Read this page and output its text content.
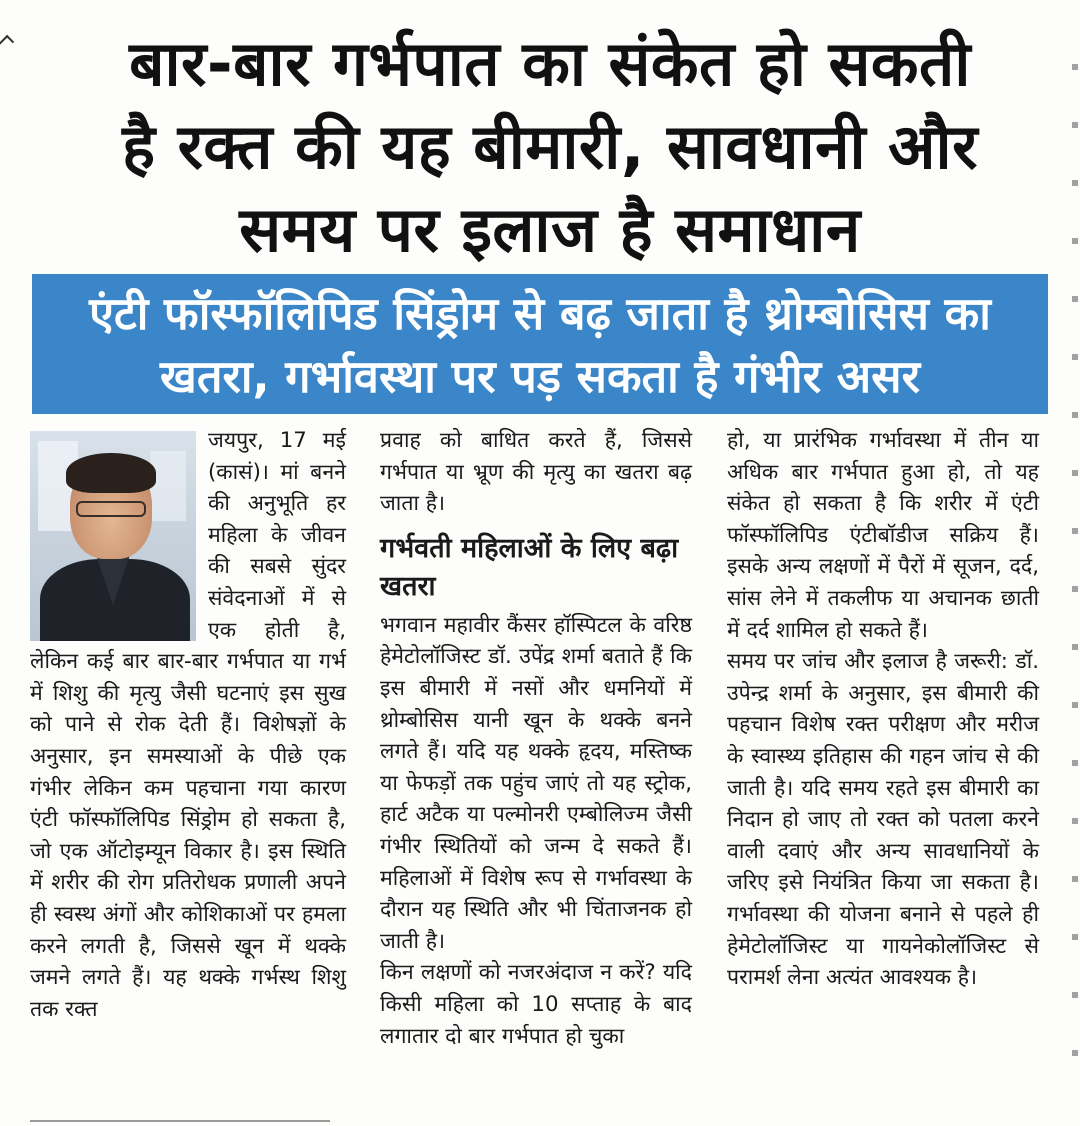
बार-बार गर्भपात का संकेत हो सकती
है रक्त की यह बीमारी, सावधानी और
समय पर इलाज है समाधान
एंटी फॉस्फॉलिपिड सिंड्रोम से बढ़ जाता है थ्रोम्बोसिस का
खतरा, गर्भावस्था पर पड़ सकता है गंभीर असर

जयपुर, 17 मई (कासं)। मां बनने की अनुभूति हर महिला के जीवन की सबसे सुंदर संवेदनाओं में से एक होती है, लेकिन कई बार बार-बार गर्भपात या गर्भ में शिशु की मृत्यु जैसी घटनाएं इस सुख को पाने से रोक देती हैं। विशेषज्ञों के अनुसार, इन समस्याओं के पीछे एक गंभीर लेकिन कम पहचाना गया कारण एंटी फॉस्फॉलिपिड सिंड्रोम हो सकता है, जो एक ऑटोइम्यून विकार है। इस स्थिति में शरीर की रोग प्रतिरोधक प्रणाली अपने ही स्वस्थ अंगों और कोशिकाओं पर हमला करने लगती है, जिससे खून में थक्के जमने लगते हैं। यह थक्के गर्भस्थ शिशु तक रक्त

प्रवाह को बाधित करते हैं, जिससे गर्भपात या भ्रूण की मृत्यु का खतरा बढ़ जाता है।

गर्भवती महिलाओं के लिए बढ़ा खतरा

भगवान महावीर कैंसर हॉस्पिटल के वरिष्ठ हेमेटोलॉजिस्ट डॉ. उपेंद्र शर्मा बताते हैं कि इस बीमारी में नसों और धमनियों में थ्रोम्बोसिस यानी खून के थक्के बनने लगते हैं। यदि यह थक्के हृदय, मस्तिष्क या फेफड़ों तक पहुंच जाएं तो यह स्ट्रोक, हार्ट अटैक या पल्मोनरी एम्बोलिज्म जैसी गंभीर स्थितियों को जन्म दे सकते हैं। महिलाओं में विशेष रूप से गर्भावस्था के दौरान यह स्थिति और भी चिंताजनक हो जाती है।

किन लक्षणों को नजरअंदाज न करें? यदि किसी महिला को 10 सप्ताह के बाद लगातार दो बार गर्भपात हो चुका

हो, या प्रारंभिक गर्भावस्था में तीन या अधिक बार गर्भपात हुआ हो, तो यह संकेत हो सकता है कि शरीर में एंटी फॉस्फॉलिपिड एंटीबॉडीज सक्रिय हैं। इसके अन्य लक्षणों में पैरों में सूजन, दर्द, सांस लेने में तकलीफ या अचानक छाती में दर्द शामिल हो सकते हैं।

समय पर जांच और इलाज है जरूरी: डॉ. उपेन्द्र शर्मा के अनुसार, इस बीमारी की पहचान विशेष रक्त परीक्षण और मरीज के स्वास्थ्य इतिहास की गहन जांच से की जाती है। यदि समय रहते इस बीमारी का निदान हो जाए तो रक्त को पतला करने वाली दवाएं और अन्य सावधानियों के जरिए इसे नियंत्रित किया जा सकता है। गर्भावस्था की योजना बनाने से पहले ही हेमेटोलॉजिस्ट या गायनेकोलॉजिस्ट से परामर्श लेना अत्यंत आवश्यक है।
